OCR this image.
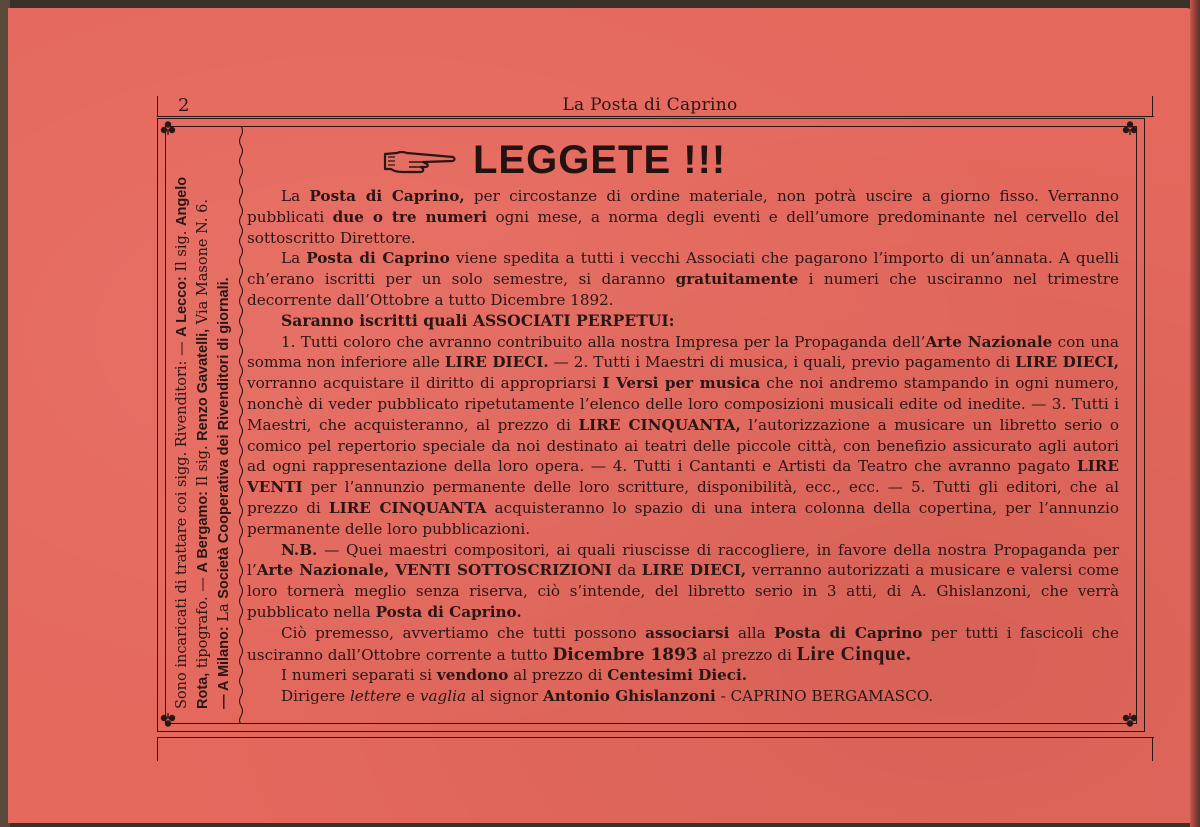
2	La Posta di Caprino
Sono incaricati di trattare coi sigg. Rivenditori: — A Lecco: Il sig. Angelo
Rota, tipografo. — A Bergamo: Il sig. Renzo Gavatelli, Via Masone N. 6.
— A Milano: La Società Cooperativa dei Rivenditori di giornali.
LEGGETE !!!

La Posta di Caprino, per circostanze di ordine materiale, non potrà uscire a giorno fisso. Verranno pubblicati due o tre numeri ogni mese, a norma degli eventi e dell’umore predominante nel cervello del sottoscritto Direttore.

La Posta di Caprino viene spedita a tutti i vecchi Associati che pagarono l’importo di un’annata. A quelli ch’erano iscritti per un solo semestre, si daranno gratuitamente i numeri che usciranno nel trimestre decorrente dall’Ottobre a tutto Dicembre 1892.

Saranno iscritti quali ASSOCIATI PERPETUI:

1. Tutti coloro che avranno contribuito alla nostra Impresa per la Propaganda dell’Arte Nazionale con una somma non inferiore alle LIRE DIECI. — 2. Tutti i Maestri di musica, i quali, previo pagamento di LIRE DIECI, vorranno acquistare il diritto di appropriarsi I Versi per musica che noi andremo stampando in ogni numero, nonchè di veder pubblicato ripetutamente l’elenco delle loro composizioni musicali edite od inedite. — 3. Tutti i Maestri, che acquisteranno, al prezzo di LIRE CINQUANTA, l’autorizzazione a musicare un libretto serio o comico pel repertorio speciale da noi destinato ai teatri delle piccole città, con beneﬁzio assicurato agli autori ad ogni rappresentazione della loro opera. — 4. Tutti i Cantanti e Artisti da Teatro che avranno pagato LIRE VENTI per l’annunzio permanente delle loro scritture, disponibilità, ecc., ecc. — 5. Tutti gli editori, che al prezzo di LIRE CINQUANTA acquisteranno lo spazio di una intera colonna della copertina, per l’annunzio permanente delle loro pubblicazioni.

N.B. — Quei maestri compositori, ai quali riuscisse di raccogliere, in favore della nostra Propaganda per l’Arte Nazionale, VENTI SOTTOSCRIZIONI da LIRE DIECI, verranno autorizzati a musicare e valersi come loro tornerà meglio senza riserva, ciò s’intende, del libretto serio in 3 atti, di A. Ghislanzoni, che verrà pubblicato nella Posta di Caprino.

Ciò premesso, avvertiamo che tutti possono associarsi alla Posta di Caprino per tutti i fascicoli che usciranno dall’Ottobre corrente a tutto Dicembre 1893 al prezzo di Lire Cinque.

I numeri separati si vendono al prezzo di Centesimi Dieci.

Dirigere lettere e vaglia al signor Antonio Ghislanzoni - CAPRINO BERGAMASCO.
